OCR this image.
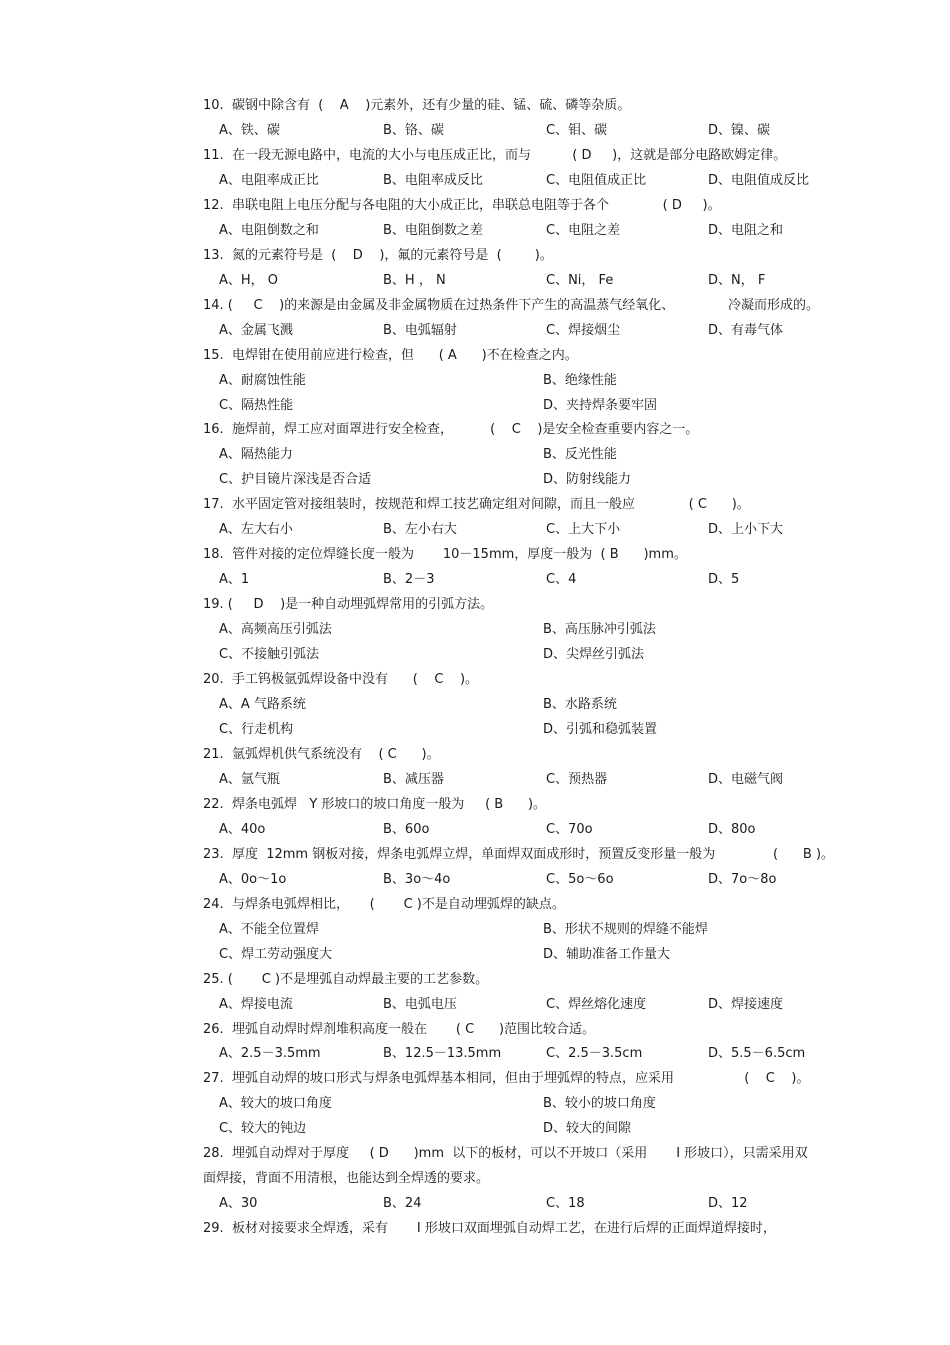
10.  碳钢中除含有  (    A    )元素外，还有少量的硅、锰、硫、磷等杂质。
A、铁、碳	B、铬、碳	C、钼、碳	D、镍、碳
11.  在一段无源电路中，电流的大小与电压成正比，而与          ( D     )，这就是部分电路欧姆定律。
A、电阻率成正比	B、电阻率成反比	C、电阻值成正比	D、电阻值成反比
12.  串联电阻上电压分配与各电阻的大小成正比，串联总电阻等于各个             ( D     )。
A、电阻倒数之和	B、电阻倒数之差	C、电阻之差	D、电阻之和
13.  氮的元素符号是  (    D    )，氟的元素符号是  (        )。
A、H， O	B、H ， N	C、Ni， Fe	D、N， F
14. (     C    )的来源是由金属及非金属物质在过热条件下产生的高温蒸气经氧化、             冷凝而形成的。
A、金属飞溅	B、电弧辐射	C、焊接烟尘	D、有毒气体
15.  电焊钳在使用前应进行检查，但      ( A      )不在检查之内。
A、耐腐蚀性能	B、绝缘性能
C、隔热性能	D、夹持焊条要牢固
16.  施焊前，焊工应对面罩进行安全检查，         (    C    )是安全检查重要内容之一。
A、隔热能力	B、反光性能
C、护目镜片深浅是否合适	D、防射线能力
17.  水平固定管对接组装时，按规范和焊工技艺确定组对间隙，而且一般应             ( C      )。
A、左大右小	B、左小右大	C、上大下小	D、上小下大
18.  管件对接的定位焊缝长度一般为       10－15mm，厚度一般为  ( B      )mm。
A、1	B、2－3	C、4	D、5
19. (     D    )是一种自动埋弧焊常用的引弧方法。
A、高频高压引弧法	B、高压脉冲引弧法
C、不接触引弧法	D、尖焊丝引弧法
20.  手工钨极氩弧焊设备中没有      (    C    )。
A、A 气路系统	B、水路系统
C、行走机构	D、引弧和稳弧装置
21.  氩弧焊机供气系统没有    ( C      )。
A、氩气瓶	B、减压器	C、预热器	D、电磁气阀
22.  焊条电弧焊   Y 形坡口的坡口角度一般为     ( B      )。
A、40o	B、60o	C、70o	D、80o
23.  厚度  12mm 钢板对接，焊条电弧焊立焊，单面焊双面成形时，预置反变形量一般为              (      B )。
A、0o～1o	B、3o～4o	C、5o～6o	D、7o～8o
24.  与焊条电弧焊相比，     (       C )不是自动埋弧焊的缺点。
A、不能全位置焊	B、形状不规则的焊缝不能焊
C、焊工劳动强度大	D、辅助准备工作量大
25. (       C )不是埋弧自动焊最主要的工艺参数。
A、焊接电流	B、电弧电压	C、焊丝熔化速度	D、焊接速度
26.  埋弧自动焊时焊剂堆积高度一般在       ( C      )范围比较合适。
A、2.5－3.5mm	B、12.5－13.5mm	C、2.5－3.5cm	D、5.5－6.5cm
27.  埋弧自动焊的坡口形式与焊条电弧焊基本相同，但由于埋弧焊的特点，应采用                 (    C    )。
A、较大的坡口角度	B、较小的坡口角度
C、较大的钝边	D、较大的间隙
28.  埋弧自动焊对于厚度     ( D      )mm  以下的板材，可以不开坡口（采用       I 形坡口），只需采用双
面焊接，背面不用清根，也能达到全焊透的要求。
A、30	B、24	C、18	D、12
29.  板材对接要求全焊透，采有       I 形坡口双面埋弧自动焊工艺，在进行后焊的正面焊道焊接时，
